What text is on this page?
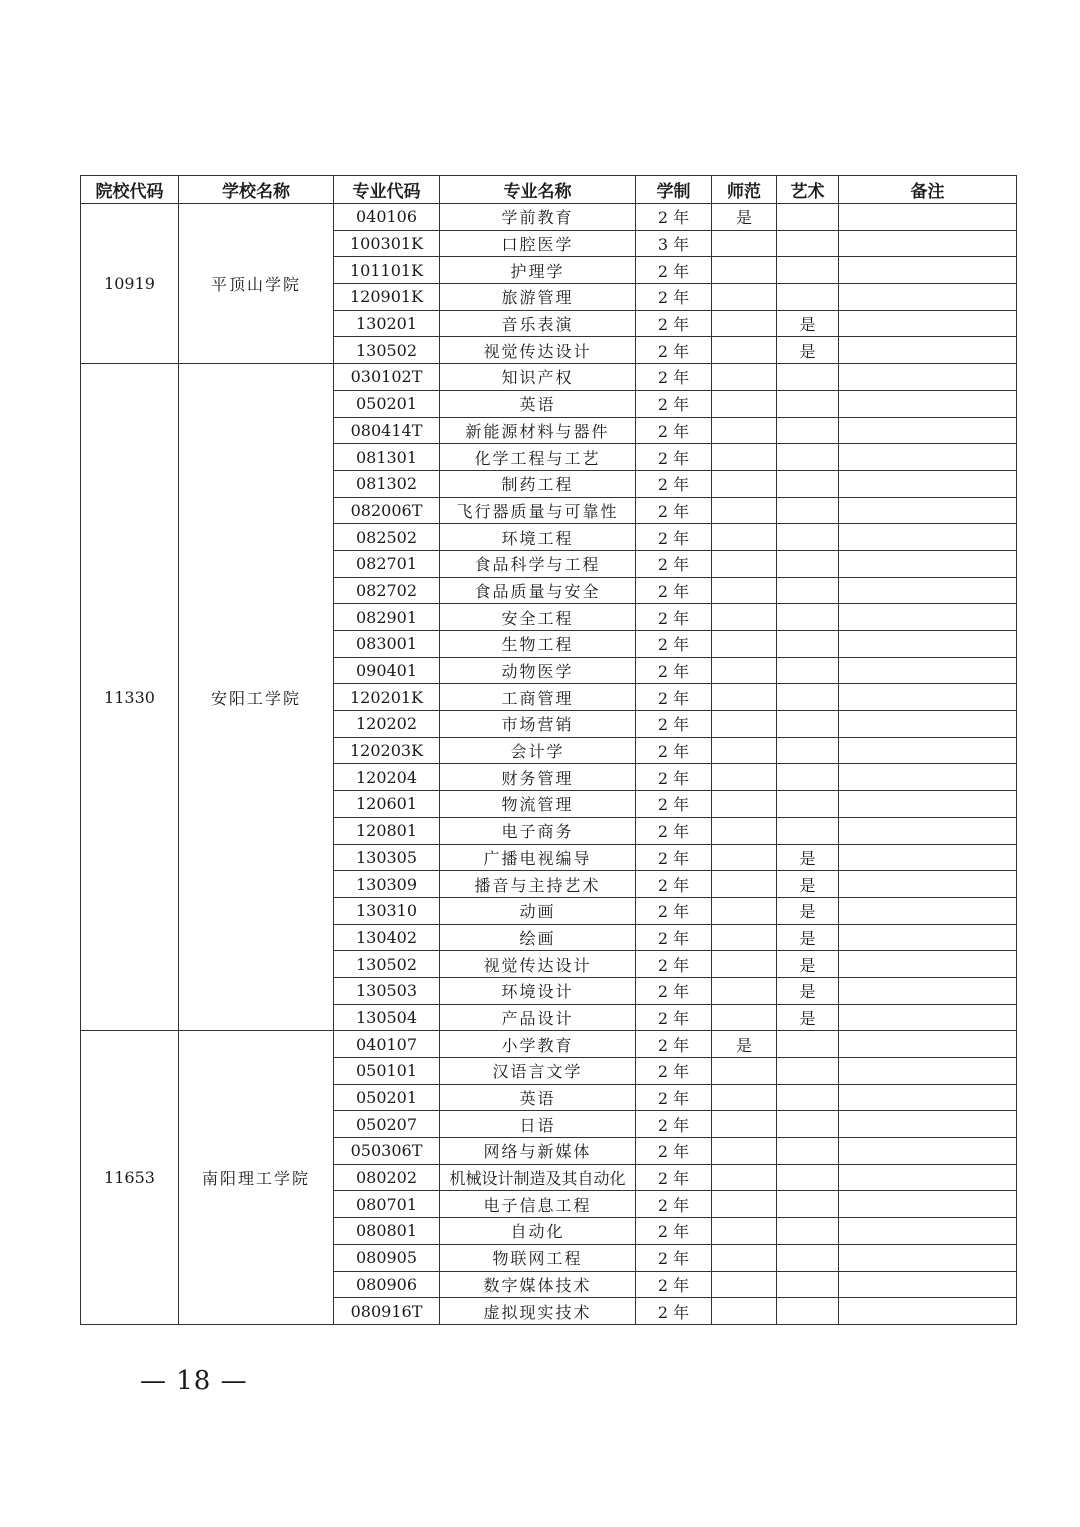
院校代码	学校名称	专业代码	专业名称	学制	师范	艺术	备注
10919	平顶山学院	040106	学前教育	2 年	是		
		100301K	口腔医学	3 年			
		101101K	护理学	2 年			
		120901K	旅游管理	2 年			
		130201	音乐表演	2 年		是	
		130502	视觉传达设计	2 年		是	
11330	安阳工学院	030102T	知识产权	2 年			
		050201	英语	2 年			
		080414T	新能源材料与器件	2 年			
		081301	化学工程与工艺	2 年			
		081302	制药工程	2 年			
		082006T	飞行器质量与可靠性	2 年			
		082502	环境工程	2 年			
		082701	食品科学与工程	2 年			
		082702	食品质量与安全	2 年			
		082901	安全工程	2 年			
		083001	生物工程	2 年			
		090401	动物医学	2 年			
		120201K	工商管理	2 年			
		120202	市场营销	2 年			
		120203K	会计学	2 年			
		120204	财务管理	2 年			
		120601	物流管理	2 年			
		120801	电子商务	2 年			
		130305	广播电视编导	2 年		是	
		130309	播音与主持艺术	2 年		是	
		130310	动画	2 年		是	
		130402	绘画	2 年		是	
		130502	视觉传达设计	2 年		是	
		130503	环境设计	2 年		是	
		130504	产品设计	2 年		是	
11653	南阳理工学院	040107	小学教育	2 年	是		
		050101	汉语言文学	2 年			
		050201	英语	2 年			
		050207	日语	2 年			
		050306T	网络与新媒体	2 年			
		080202	机械设计制造及其自动化	2 年			
		080701	电子信息工程	2 年			
		080801	自动化	2 年			
		080905	物联网工程	2 年			
		080906	数字媒体技术	2 年			
		080916T	虚拟现实技术	2 年			
— 18 —
